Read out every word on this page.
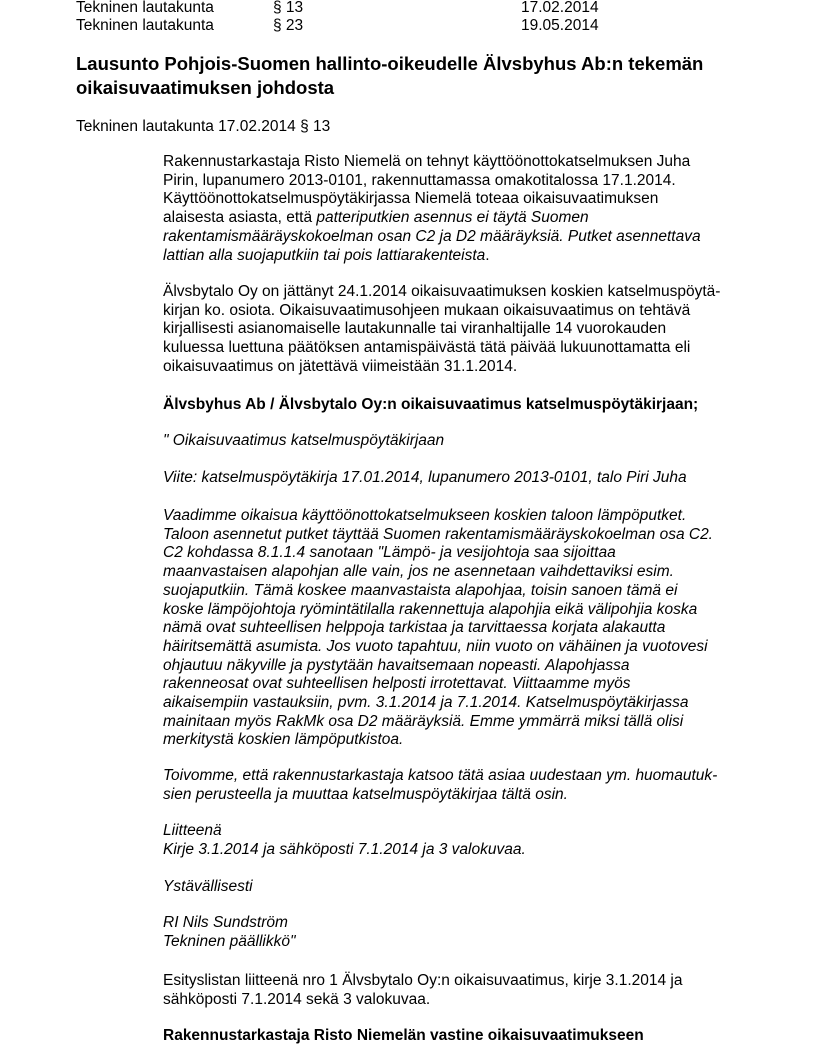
Tekninen lautakunta	§ 13	17.02.2014
Tekninen lautakunta	§ 23	19.05.2014
Lausunto Pohjois-Suomen hallinto-oikeudelle Älvsbyhus Ab:n tekemän
oikaisuvaatimuksen johdosta
Tekninen lautakunta 17.02.2014 § 13
Rakennustarkastaja Risto Niemelä on tehnyt käyttöönottokatselmuksen Juha
Pirin, lupanumero 2013-0101, rakennuttamassa omakotitalossa 17.1.2014.
Käyttöönottokatselmuspöytäkirjassa Niemelä toteaa oikaisuvaatimuksen
alaisesta asiasta, että patteriputkien asennus ei täytä Suomen
rakentamismääräyskokoelman osan C2 ja D2 määräyksiä. Putket asennettava
lattian alla suojaputkiin tai pois lattiarakenteista.
Älvsbytalo Oy on jättänyt 24.1.2014 oikaisuvaatimuksen koskien katselmuspöytä-
kirjan ko. osiota. Oikaisuvaatimusohjeen mukaan oikaisuvaatimus on tehtävä
kirjallisesti asianomaiselle lautakunnalle tai viranhaltijalle 14 vuorokauden
kuluessa luettuna päätöksen antamispäivästä tätä päivää lukuunottamatta eli
oikaisuvaatimus on jätettävä viimeistään 31.1.2014.
Älvsbyhus Ab / Älvsbytalo Oy:n oikaisuvaatimus katselmuspöytäkirjaan;
" Oikaisuvaatimus katselmuspöytäkirjaan
Viite: katselmuspöytäkirja 17.01.2014, lupanumero 2013-0101, talo Piri Juha
Vaadimme oikaisua käyttöönottokatselmukseen koskien taloon lämpöputket.
Taloon asennetut putket täyttää Suomen rakentamismääräyskokoelman osa C2.
C2 kohdassa 8.1.1.4 sanotaan "Lämpö- ja vesijohtoja saa sijoittaa
maanvastaisen alapohjan alle vain, jos ne asennetaan vaihdettaviksi esim.
suojaputkiin. Tämä koskee maanvastaista alapohjaa, toisin sanoen tämä ei
koske lämpöjohtoja ryömintätilalla rakennettuja alapohjia eikä välipohjia koska
nämä ovat suhteellisen helppoja tarkistaa ja tarvittaessa korjata alakautta
häiritsemättä asumista. Jos vuoto tapahtuu, niin vuoto on vähäinen ja vuotovesi
ohjautuu näkyville ja pystytään havaitsemaan nopeasti. Alapohjassa
rakenneosat ovat suhteellisen helposti irrotettavat. Viittaamme myös
aikaisempiin vastauksiin, pvm. 3.1.2014 ja 7.1.2014. Katselmuspöytäkirjassa
mainitaan myös RakMk osa D2 määräyksiä. Emme ymmärrä miksi tällä olisi
merkitystä koskien lämpöputkistoa.
Toivomme, että rakennustarkastaja katsoo tätä asiaa uudestaan ym. huomautuk-
sien perusteella ja muuttaa katselmuspöytäkirjaa tältä osin.
Liitteenä
Kirje 3.1.2014 ja sähköposti 7.1.2014 ja 3 valokuvaa.
Ystävällisesti
RI Nils Sundström
Tekninen päällikkö"
Esityslistan liitteenä nro 1 Älvsbytalo Oy:n oikaisuvaatimus, kirje 3.1.2014 ja
sähköposti 7.1.2014 sekä 3 valokuvaa.
Rakennustarkastaja Risto Niemelän vastine oikaisuvaatimukseen
